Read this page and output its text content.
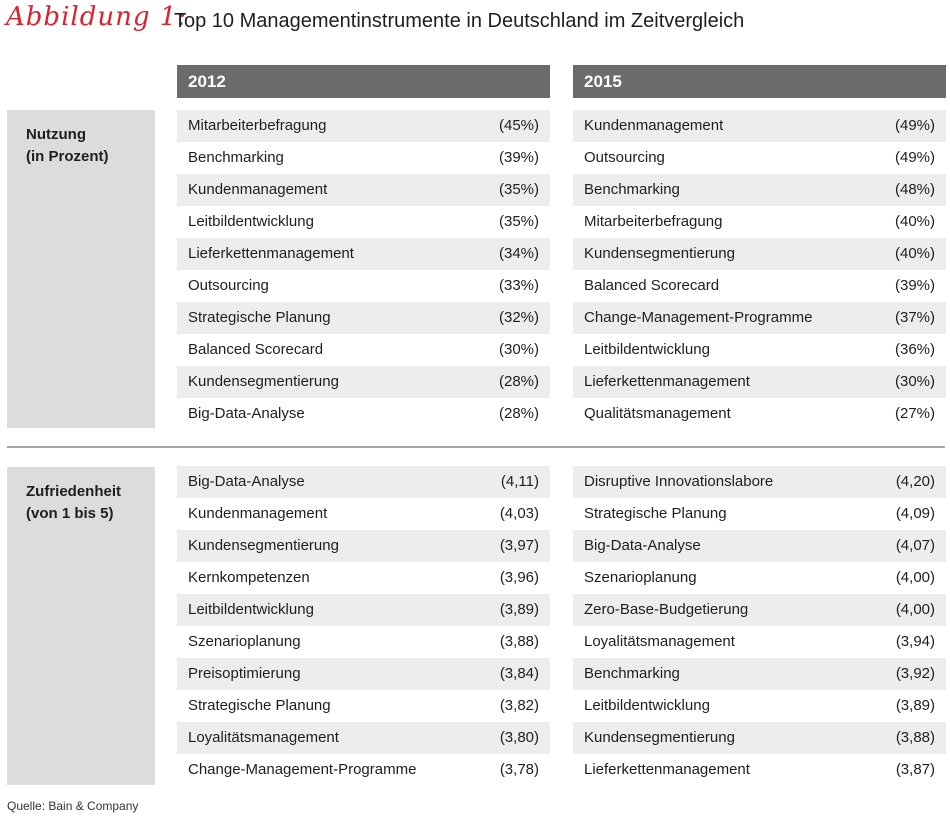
Abbildung 1:
Top 10 Managementinstrumente in Deutschland im Zeitvergleich
2012	2015
Nutzung
(in Prozent)
Mitarbeiterbefragung	(45%)
Benchmarking	(39%)
Kundenmanagement	(35%)
Leitbildentwicklung	(35%)
Lieferkettenmanagement	(34%)
Outsourcing	(33%)
Strategische Planung	(32%)
Balanced Scorecard	(30%)
Kundensegmentierung	(28%)
Big-Data-Analyse	(28%)
Kundenmanagement	(49%)
Outsourcing	(49%)
Benchmarking	(48%)
Mitarbeiterbefragung	(40%)
Kundensegmentierung	(40%)
Balanced Scorecard	(39%)
Change-Management-Programme	(37%)
Leitbildentwicklung	(36%)
Lieferkettenmanagement	(30%)
Qualitätsmanagement	(27%)
Zufriedenheit
(von 1 bis 5)
Big-Data-Analyse	(4,11)
Kundenmanagement	(4,03)
Kundensegmentierung	(3,97)
Kernkompetenzen	(3,96)
Leitbildentwicklung	(3,89)
Szenarioplanung	(3,88)
Preisoptimierung	(3,84)
Strategische Planung	(3,82)
Loyalitätsmanagement	(3,80)
Change-Management-Programme	(3,78)
Disruptive Innovationslabore	(4,20)
Strategische Planung	(4,09)
Big-Data-Analyse	(4,07)
Szenarioplanung	(4,00)
Zero-Base-Budgetierung	(4,00)
Loyalitätsmanagement	(3,94)
Benchmarking	(3,92)
Leitbildentwicklung	(3,89)
Kundensegmentierung	(3,88)
Lieferkettenmanagement	(3,87)
Quelle: Bain & Company
